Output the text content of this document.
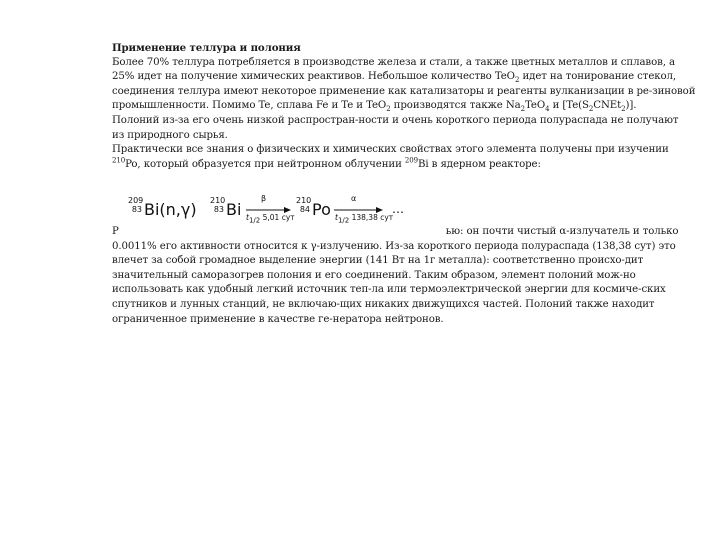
Применение теллура и полония
Более 70% теллура потребляется в производстве железа и стали, а также цветных металлов и сплавов, а
25% идет на получение химических реактивов. Небольшое количество TeO$_2$ идет на тонирование стекол,
соединения теллура имеют некоторое применение как катализаторы и реагенты вулканизации в ре-зиновой
промышленности. Помимо Te, сплава Fe и Te и TeO$_2$ производятся также $Na_2TeO_4$ и $[Te(S_2CNEt_2)]$.
Полоний из-за его очень низкой распростран-ности и очень короткого периода полураспада не получают
из природного сырья.
Практически все знания о физических и химических свойствах этого элемента получены при изучении
$^{210}$Po, который образуется при нейтронном облучении $^{209}$Bi в ядерном реакторе:
209
83 Bi(n,γ) 210
83 Bi
β
$t_{1/2}$ 5,01 сут
210
84 Po
α
$t_{1/2}$ 138,38 сут
…
Р	ью: он почти чистый α-излучатель и только
0.0011% его активности относится к γ-излучению. Из-за короткого периода полураспада (138,38 сут) это
влечет за собой громадное выделение энергии (141 Вт на 1г металла): соответственно происхо-дит
значительный саморазогрев полония и его соединений. Таким образом, элемент полоний мож-но
использовать как удобный легкий источник теп-ла или термоэлектрической энергии для космиче-ских
спутников и лунных станций, не включаю-щих никаких движущихся частей. Полоний также находит
ограниченное применение в качестве ге-нератора нейтронов.
